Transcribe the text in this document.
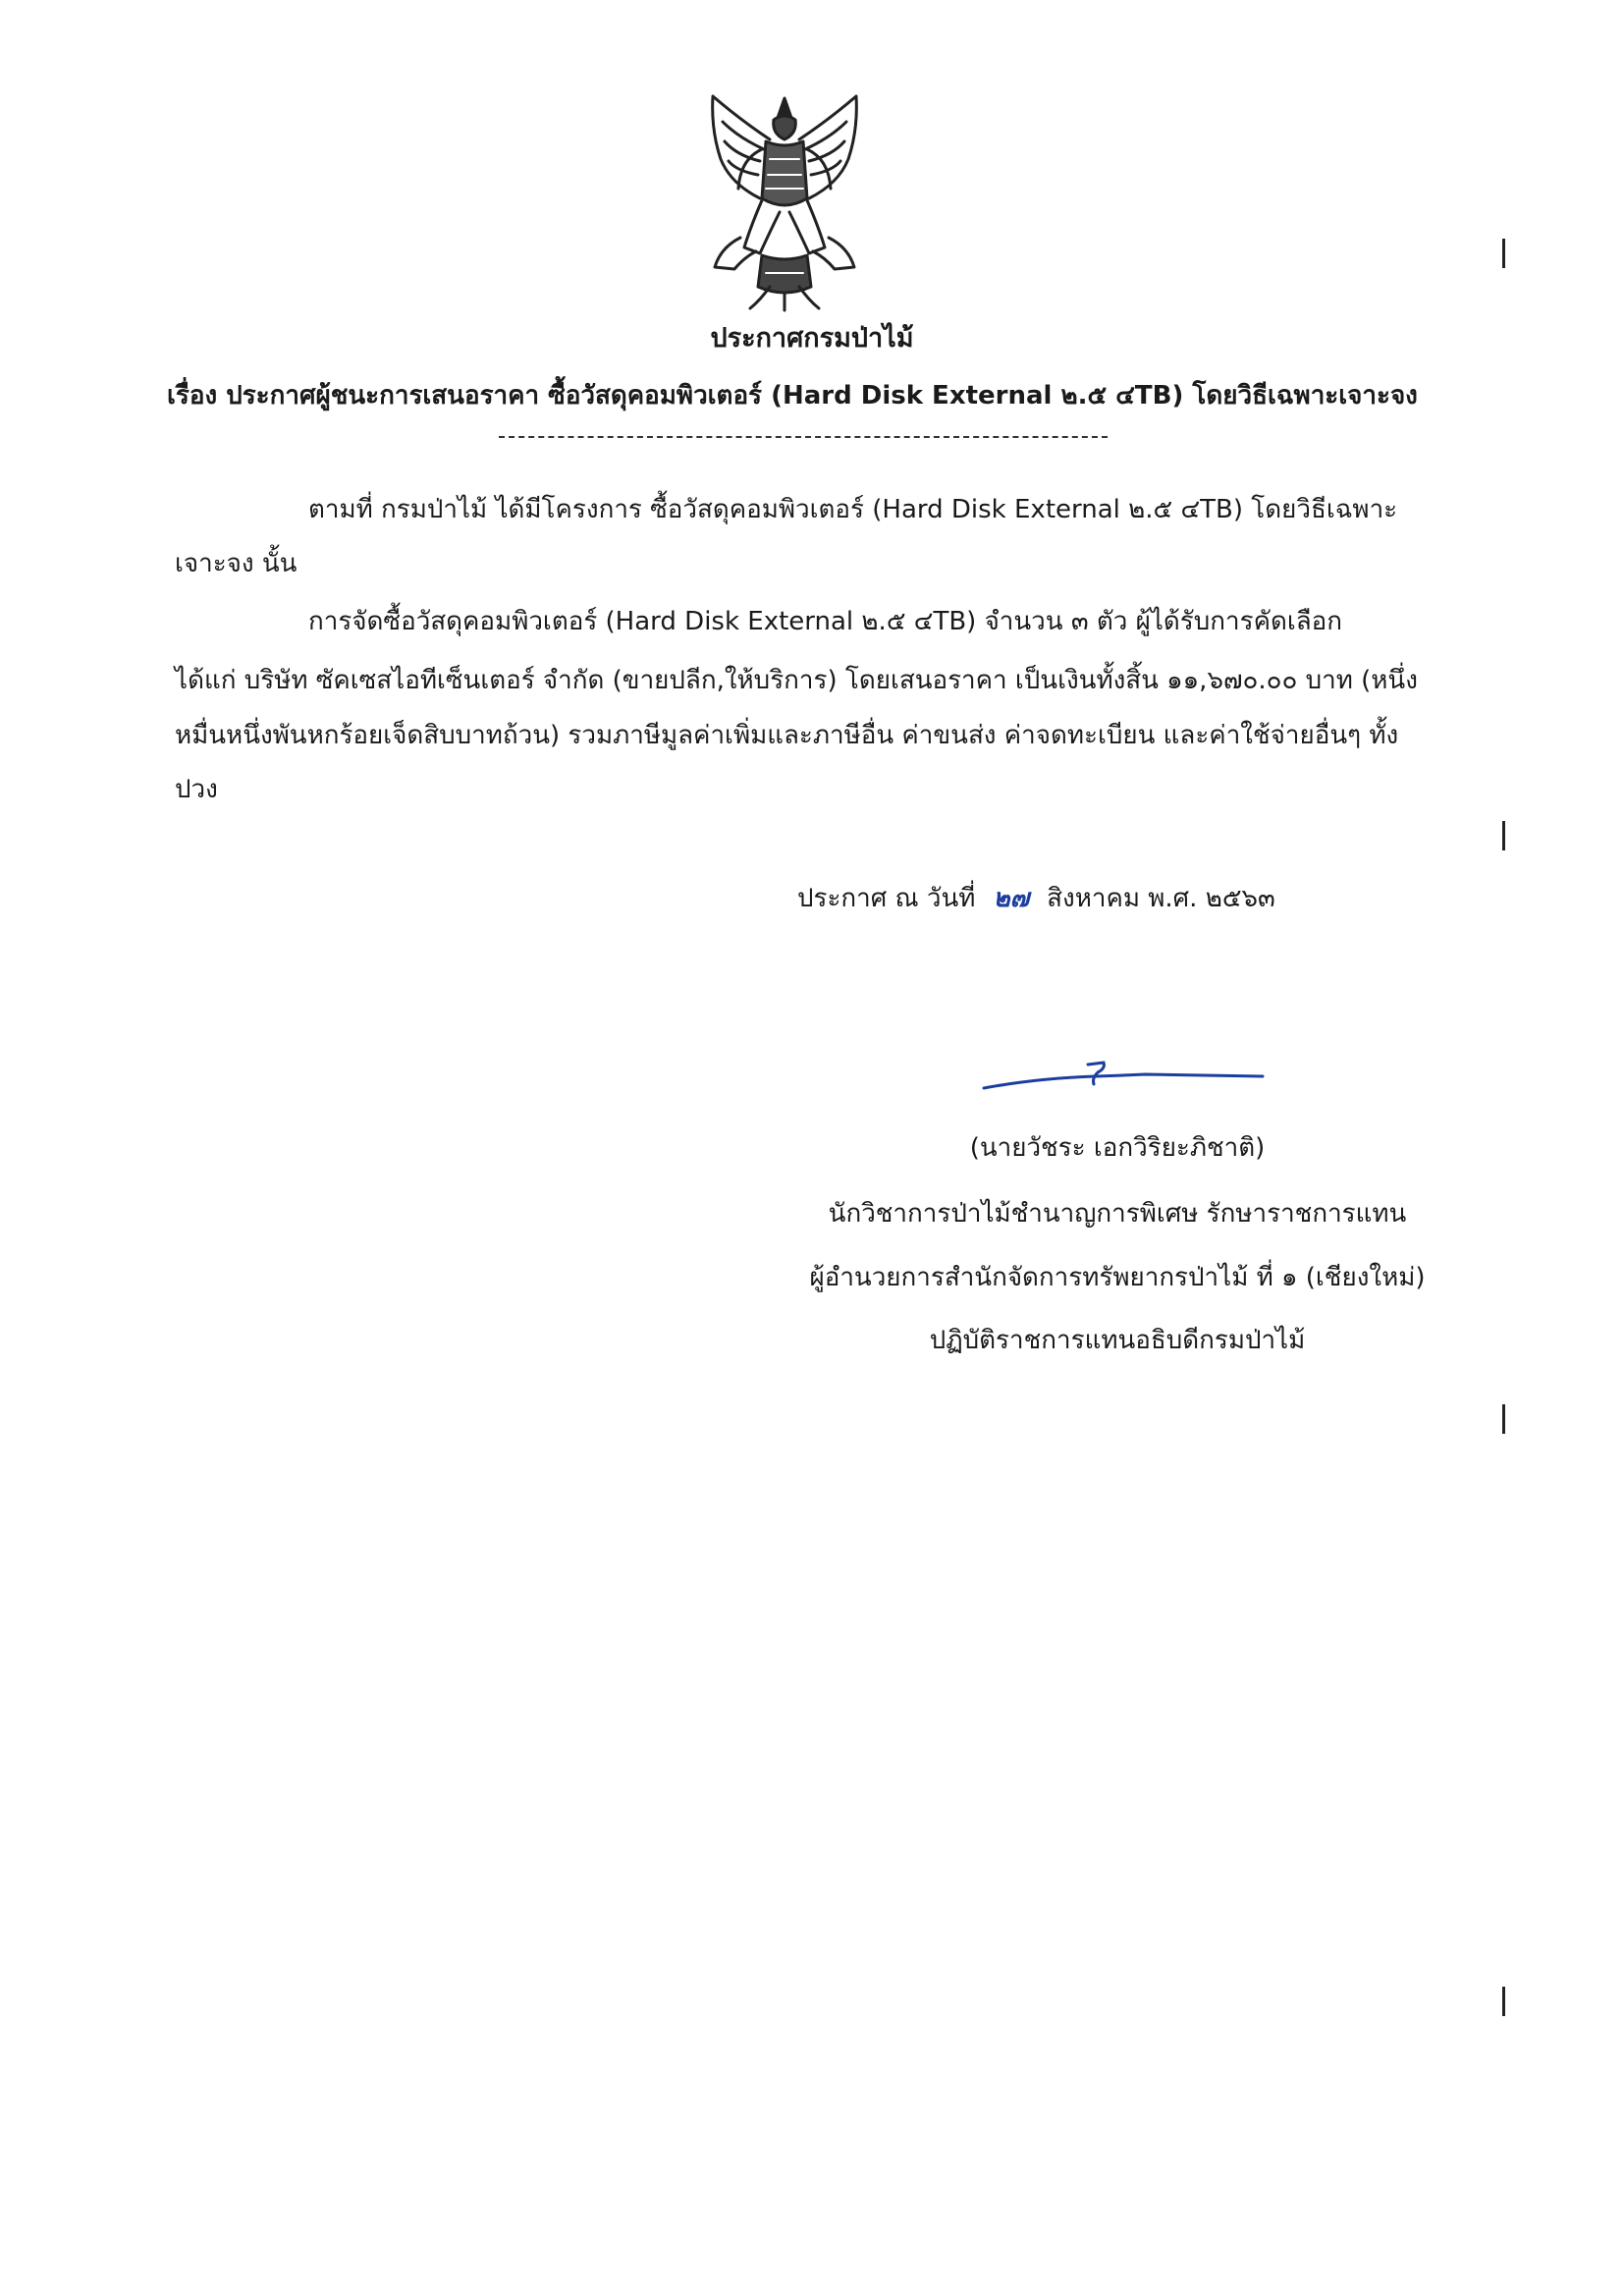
ประกาศกรมป่าไม้
เรื่อง ประกาศผู้ชนะการเสนอราคา ซื้อวัสดุคอมพิวเตอร์ (Hard Disk External ๒.๕ ๔TB) โดยวิธีเฉพาะเจาะจง
ตามที่ กรมป่าไม้ ได้มีโครงการ ซื้อวัสดุคอมพิวเตอร์ (Hard Disk External ๒.๕ ๔TB) โดยวิธีเฉพาะ
เจาะจง นั้น
การจัดซื้อวัสดุคอมพิวเตอร์ (Hard Disk External ๒.๕ ๔TB) จำนวน ๓ ตัว ผู้ได้รับการคัดเลือก
ได้แก่ บริษัท ซัคเซสไอทีเซ็นเตอร์ จำกัด (ขายปลีก,ให้บริการ) โดยเสนอราคา เป็นเงินทั้งสิ้น ๑๑,๖๗๐.๐๐ บาท (หนึ่ง
หมื่นหนึ่งพันหกร้อยเจ็ดสิบบาทถ้วน) รวมภาษีมูลค่าเพิ่มและภาษีอื่น ค่าขนส่ง ค่าจดทะเบียน และค่าใช้จ่ายอื่นๆ ทั้ง
ปวง
ประกาศ ณ วันที่ ๒๗ สิงหาคม พ.ศ. ๒๕๖๓
(นายวัชระ เอกวิริยะภิชาติ)
นักวิชาการป่าไม้ชำนาญการพิเศษ รักษาราชการแทน
ผู้อำนวยการสำนักจัดการทรัพยากรป่าไม้ ที่ ๑ (เชียงใหม่)
ปฏิบัติราชการแทนอธิบดีกรมป่าไม้
